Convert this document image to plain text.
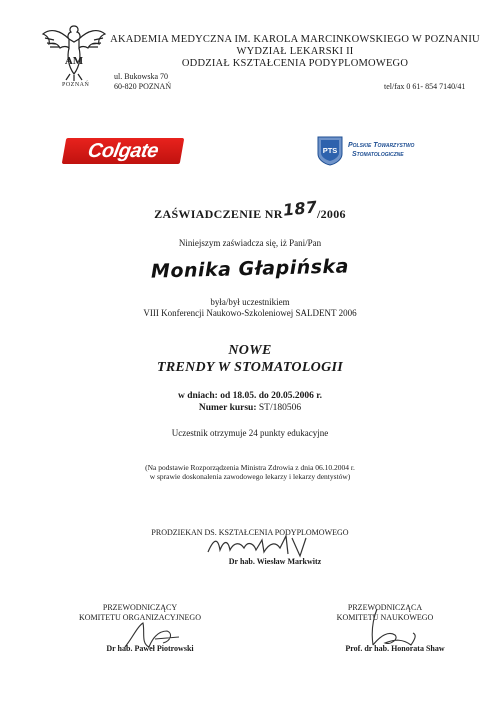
AM
POZNAŃ
AKADEMIA MEDYCZNA IM. KAROLA MARCINKOWSKIEGO W POZNANIU
WYDZIAŁ LEKARSKI II
ODDZIAŁ KSZTAŁCENIA PODYPLOMOWEGO
ul. Bukowska 70
60-820 POZNAŃ	tel/fax 0 61- 854 7140/41
Colgate	PTS
Polskie Towarzystwo
Stomatologiczne
ZAŚWIADCZENIE NR187/2006
Niniejszym zaświadcza się, iż Pani/Pan
Monika Głapińska
była/był uczestnikiem
VIII Konferencji Naukowo-Szkoleniowej SALDENT 2006
NOWE
TRENDY W STOMATOLOGII
w dniach: od 18.05. do 20.05.2006 r.
Numer kursu: ST/180506
Uczestnik otrzymuje 24 punkty edukacyjne
(Na podstawie Rozporządzenia Ministra Zdrowia z dnia 06.10.2004 r.
w sprawie doskonalenia zawodowego lekarzy i lekarzy dentystów)
PRODZIEKAN DS. KSZTAŁCENIA PODYPLOMOWEGO
Dr hab. Wiesław Markwitz
PRZEWODNICZĄCY
KOMITETU ORGANIZACYJNEGO
Dr hab. Paweł Piotrowski
PRZEWODNICZĄCA
KOMITETU NAUKOWEGO
Prof. dr hab. Honorata Shaw
